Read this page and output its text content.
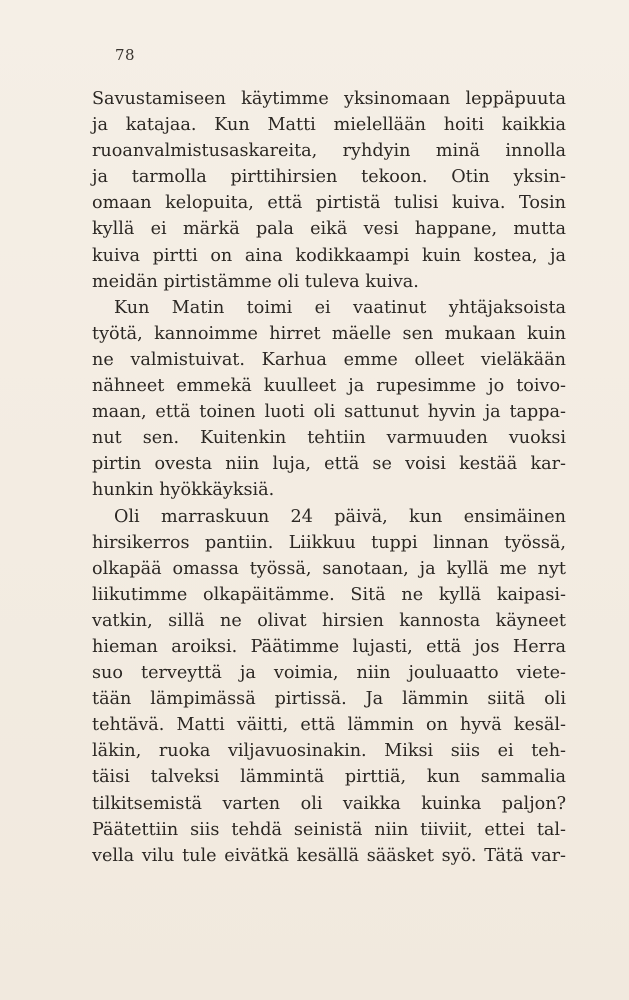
78
Savustamiseen käytimme yksinomaan leppäpuuta
ja katajaa. Kun Matti mielellään hoiti kaikkia
ruoanvalmistusaskareita, ryhdyin minä innolla
ja tarmolla pirttihirsien tekoon. Otin yksin-
omaan kelopuita, että pirtistä tulisi kuiva. Tosin
kyllä ei märkä pala eikä vesi happane, mutta
kuiva pirtti on aina kodikkaampi kuin kostea, ja
meidän pirtistämme oli tuleva kuiva.
Kun Matin toimi ei vaatinut yhtäjaksoista
työtä, kannoimme hirret mäelle sen mukaan kuin
ne valmistuivat. Karhua emme olleet vieläkään
nähneet emmekä kuulleet ja rupesimme jo toivo-
maan, että toinen luoti oli sattunut hyvin ja tappa-
nut sen. Kuitenkin tehtiin varmuuden vuoksi
pirtin ovesta niin luja, että se voisi kestää kar-
hunkin hyökkäyksiä.
Oli marraskuun 24 päivä, kun ensimäinen
hirsikerros pantiin. Liikkuu tuppi linnan työssä,
olkapää omassa työssä, sanotaan, ja kyllä me nyt
liikutimme olkapäitämme. Sitä ne kyllä kaipasi-
vatkin, sillä ne olivat hirsien kannosta käyneet
hieman aroiksi. Päätimme lujasti, että jos Herra
suo terveyttä ja voimia, niin jouluaatto viete-
tään lämpimässä pirtissä. Ja lämmin siitä oli
tehtävä. Matti väitti, että lämmin on hyvä kesäl-
läkin, ruoka viljavuosinakin. Miksi siis ei teh-
täisi talveksi lämmintä pirttiä, kun sammalia
tilkitsemistä varten oli vaikka kuinka paljon?
Päätettiin siis tehdä seinistä niin tiiviit, ettei tal-
vella vilu tule eivätkä kesällä sääsket syö. Tätä var-
